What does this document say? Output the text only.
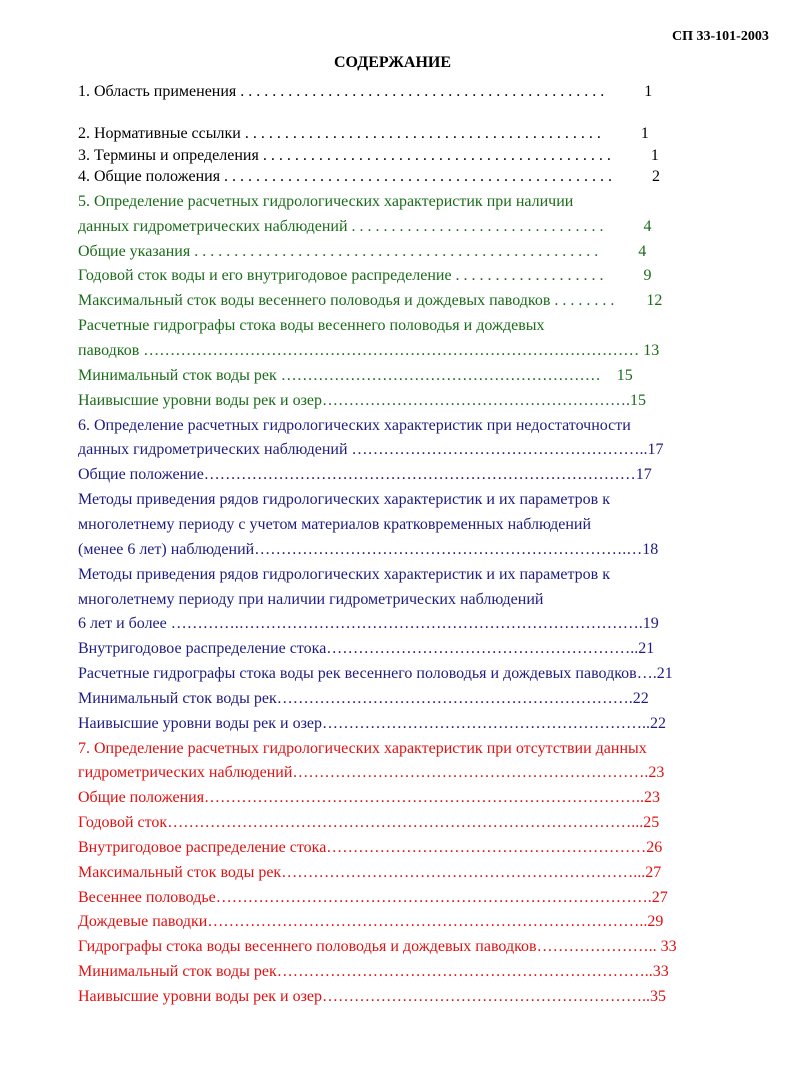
СП 33-101-2003
СОДЕРЖАНИЕ
1. Область применения . . . . . . . . . . . . . . . . . . . . . . . . . . . . . . . . . . . . . . . . . . . . . .          1
2. Нормативные ссылки . . . . . . . . . . . . . . . . . . . . . . . . . . . . . . . . . . . . . . . . . . . . .          1
3. Термины и определения . . . . . . . . . . . . . . . . . . . . . . . . . . . . . . . . . . . . . . . . . . . .          1
4. Общие положения . . . . . . . . . . . . . . . . . . . . . . . . . . . . . . . . . . . . . . . . . . . . . . . . .          2
5. Определение расчетных гидрологических характеристик при наличии
данных гидрометрических наблюдений . . . . . . . . . . . . . . . . . . . . . . . . . . . . . . . .          4
Общие указания . . . . . . . . . . . . . . . . . . . . . . . . . . . . . . . . . . . . . . . . . . . . . . . . . . .          4
Годовой сток воды и его внутригодовое распределение . . . . . . . . . . . . . . . . . . .          9
Максимальный сток воды весеннего половодья и дождевых паводков . . . . . . . .        12
Расчетные гидрографы стока воды весеннего половодья и дождевых
паводков ………………………………………………………………………………… 13
Минимальный сток воды рек ……………………………………………………    15
Наивысшие уровни воды рек и озер………………………………………………….15
6. Определение расчетных гидрологических характеристик при недостаточности
данных гидрометрических наблюдений ………………………………………………..17
Общие положение………………………………………………………………………17
Методы приведения рядов гидрологических характеристик и их параметров к
многолетнему периоду с учетом материалов кратковременных наблюдений
(менее 6 лет) наблюдений…………………………………………………………….…18
Методы приведения рядов гидрологических характеристик и их параметров к
многолетнему периоду при наличии гидрометрических наблюдений
6 лет и более ………….………………………………………………………………….19
Внутригодовое распределение стока…………………………………………………..21
Расчетные гидрографы стока воды рек весеннего половодья и дождевых паводков….21
Минимальный сток воды рек………………………………………………………….22
Наивысшие уровни воды рек и озер……………………………………………………..22
7. Определение расчетных гидрологических характеристик при отсутствии данных
гидрометрических наблюдений………………………………………………………….23
Общие положения………………………………………………………………………..23
Годовой сток……………………………………………………………………………...25
Внутригодовое распределение стока……………………………………………………26
Максимальный сток воды рек…………………………………………………………...27
Весеннее половодье……………………………………………………………………….27
Дождевые паводки………………………………………………………………………..29
Гидрографы стока воды весеннего половодья и дождевых паводков………………….. 33
Минимальный сток воды рек……………………………………………………………..33
Наивысшие уровни воды рек и озер……………………………………………………..35
